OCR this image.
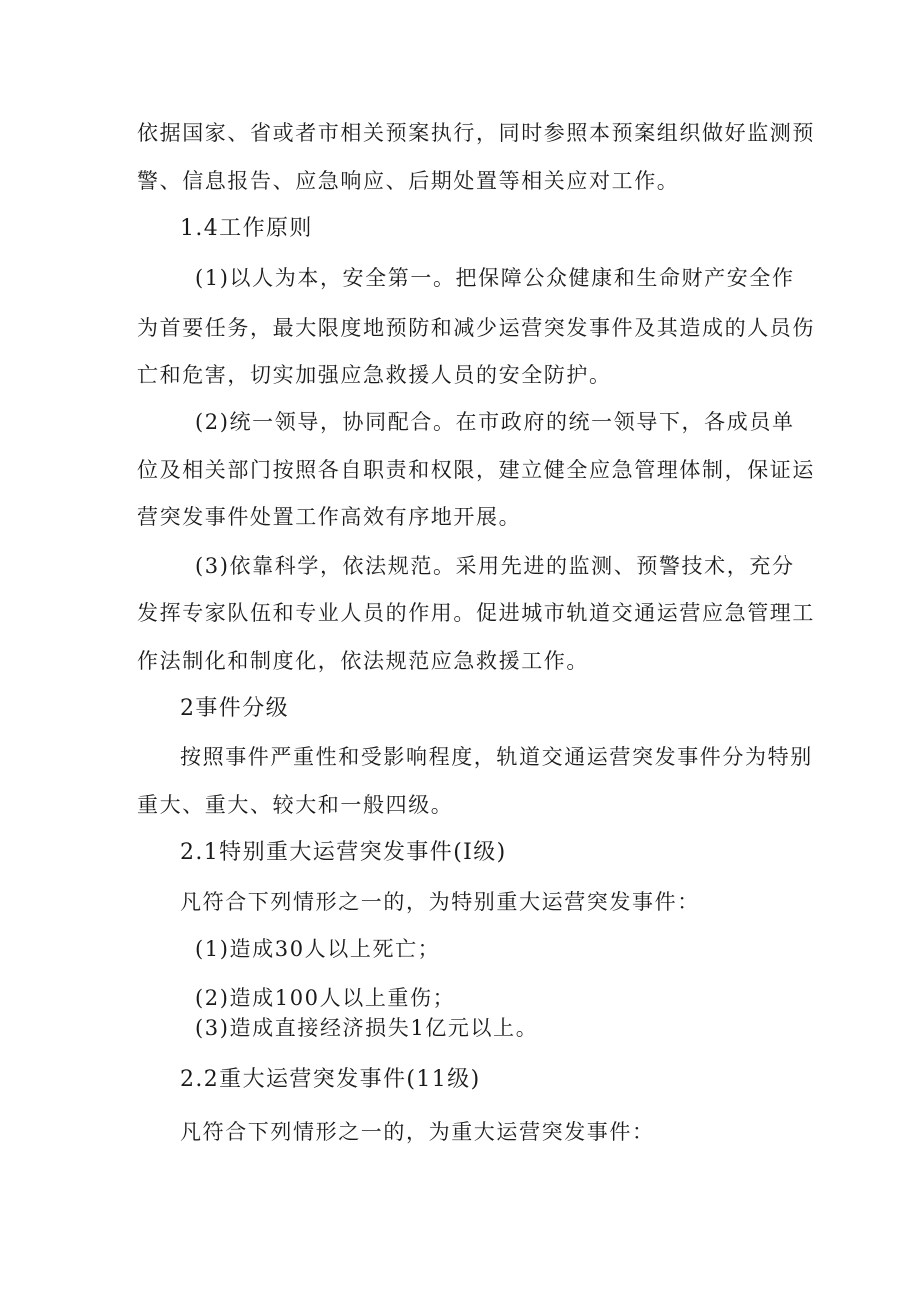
依据国家、省或者市相关预案执行，同时参照本预案组织做好监测预
警、信息报告、应急响应、后期处置等相关应对工作。
1.4工作原则
(1)以人为本，安全第一。把保障公众健康和生命财产安全作
为首要任务，最大限度地预防和减少运营突发事件及其造成的人员伤
亡和危害，切实加强应急救援人员的安全防护。
(2)统一领导，协同配合。在市政府的统一领导下，各成员单
位及相关部门按照各自职责和权限，建立健全应急管理体制，保证运
营突发事件处置工作高效有序地开展。
(3)依靠科学，依法规范。采用先进的监测、预警技术，充分
发挥专家队伍和专业人员的作用。促进城市轨道交通运营应急管理工
作法制化和制度化，依法规范应急救援工作。
2事件分级
按照事件严重性和受影响程度，轨道交通运营突发事件分为特别
重大、重大、较大和一般四级。
2.1特别重大运营突发事件(I级)
凡符合下列情形之一的，为特别重大运营突发事件：
(1)造成30人以上死亡；
(2)造成100人以上重伤；
(3)造成直接经济损失1亿元以上。
2.2重大运营突发事件(11级)
凡符合下列情形之一的，为重大运营突发事件：
